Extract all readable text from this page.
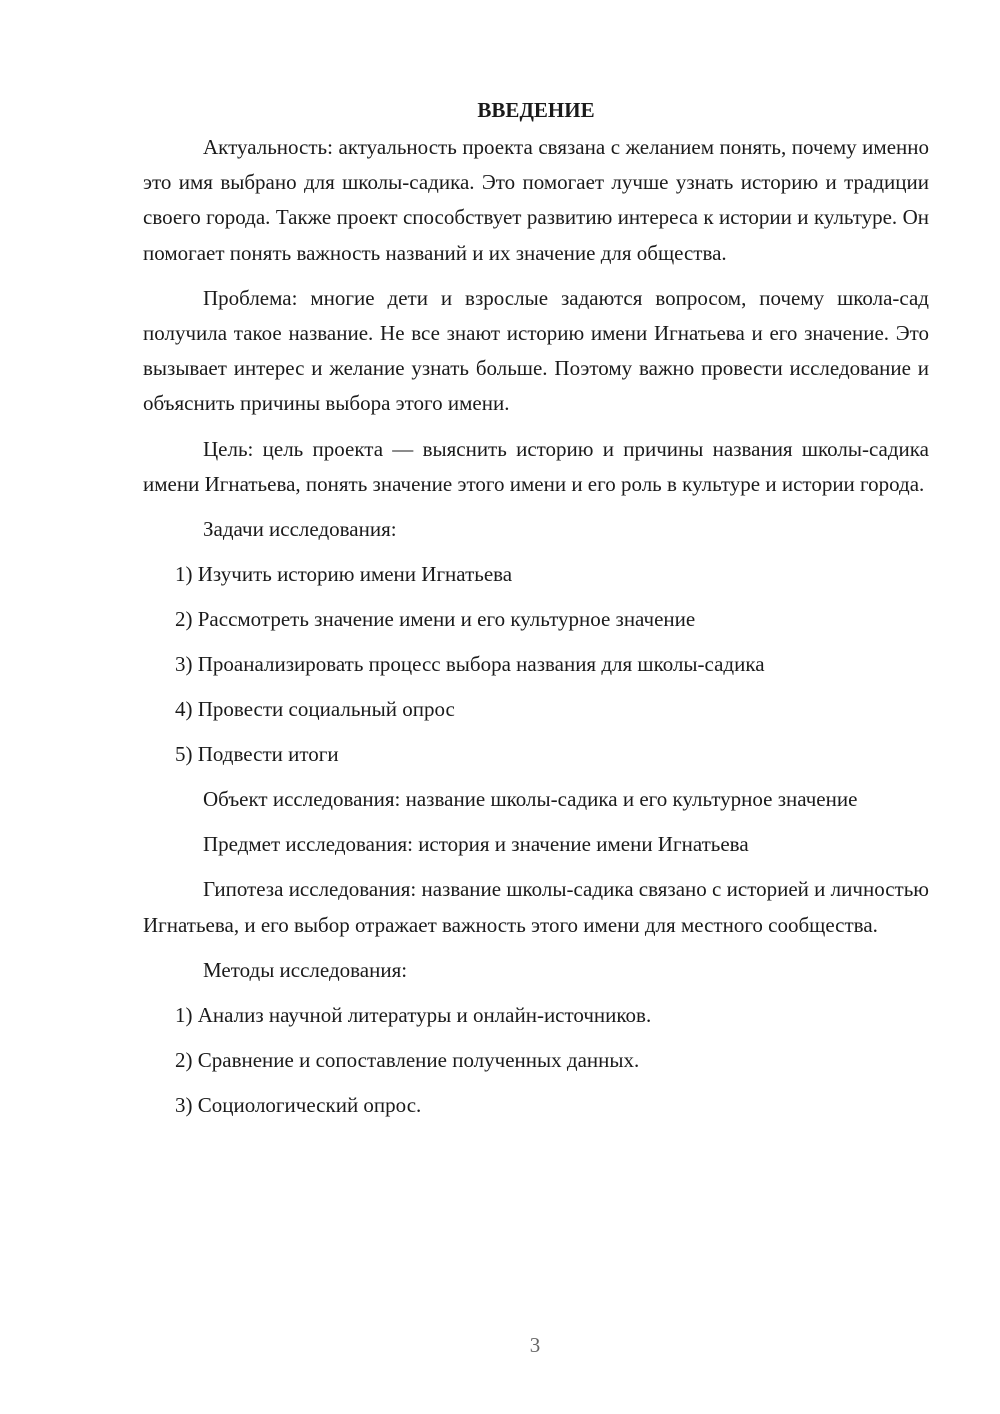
ВВЕДЕНИЕ

Актуальность: актуальность проекта связана с желанием понять, почему именно это имя выбрано для школы-садика. Это помогает лучше узнать историю и традиции своего города. Также проект способствует развитию интереса к истории и культуре. Он помогает понять важность названий и их значение для общества.

Проблема: многие дети и взрослые задаются вопросом, почему школа-сад получила такое название. Не все знают историю имени Игнатьева и его значение. Это вызывает интерес и желание узнать больше. Поэтому важно провести исследование и объяснить причины выбора этого имени.

Цель: цель проекта — выяснить историю и причины названия школы-садика имени Игнатьева, понять значение этого имени и его роль в культуре и истории города.

Задачи исследования:
1) Изучить историю имени Игнатьева
2) Рассмотреть значение имени и его культурное значение
3) Проанализировать процесс выбора названия для школы-садика
4) Провести социальный опрос
5) Подвести итоги

Объект исследования: название школы-садика и его культурное значение

Предмет исследования: история и значение имени Игнатьева

Гипотеза исследования: название школы-садика связано с историей и личностью Игнатьева, и его выбор отражает важность этого имени для местного сообщества.

Методы исследования:
1) Анализ научной литературы и онлайн-источников.
2) Сравнение и сопоставление полученных данных.
3) Социологический опрос.
3
